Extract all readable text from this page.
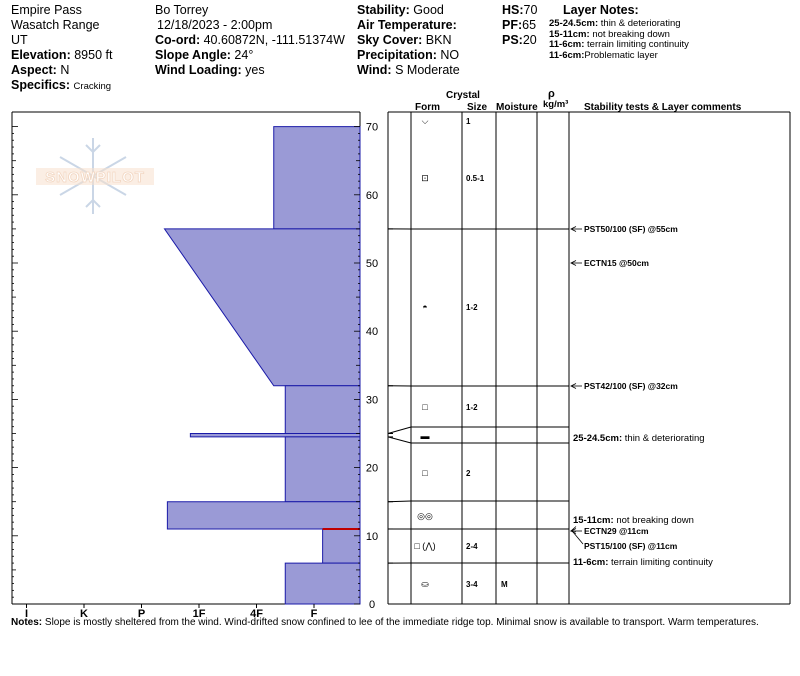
Empire Pass
Wasatch Range
UT
Elevation: 8950 ft
Aspect: N
Specifics: Cracking
Bo Torrey
12/18/2023 - 2:00pm
Co-ord: 40.60872N, -111.51374W
Slope Angle: 24°
Wind Loading: yes
Stability: Good
Air Temperature:
Sky Cover: BKN
Precipitation: NO
Wind: S Moderate
HS:70
PF:65
PS:20
Layer Notes:
25-24.5cm: thin & deteriorating
15-11cm: not breaking down
11-6cm: terrain limiting continuity
11-6cm:Problematic layer
SNOWPILOT
I	K	P	1F	4F	F
0
10
20
30
40
50
60
70
Crystal
Form	Size Moisture
ρ
kg/m³ Stability tests & Layer comments
⌵	1
⊡	0.5-1
◓	1-2
□	1-2
▬
□	2
◎◎
□ (⋀)	2-4
⛀	3-4	M
PST50/100 (SF) @55cm
ECTN15 @50cm
PST42/100 (SF) @32cm
ECTN29 @11cm
PST15/100 (SF) @11cm
25-24.5cm: thin & deteriorating
15-11cm: not breaking down
11-6cm: terrain limiting continuity
Notes: Slope is mostly sheltered from the wind. Wind-drifted snow confined to lee of the immediate ridge top. Minimal snow is available to transport. Warm temperatures.
